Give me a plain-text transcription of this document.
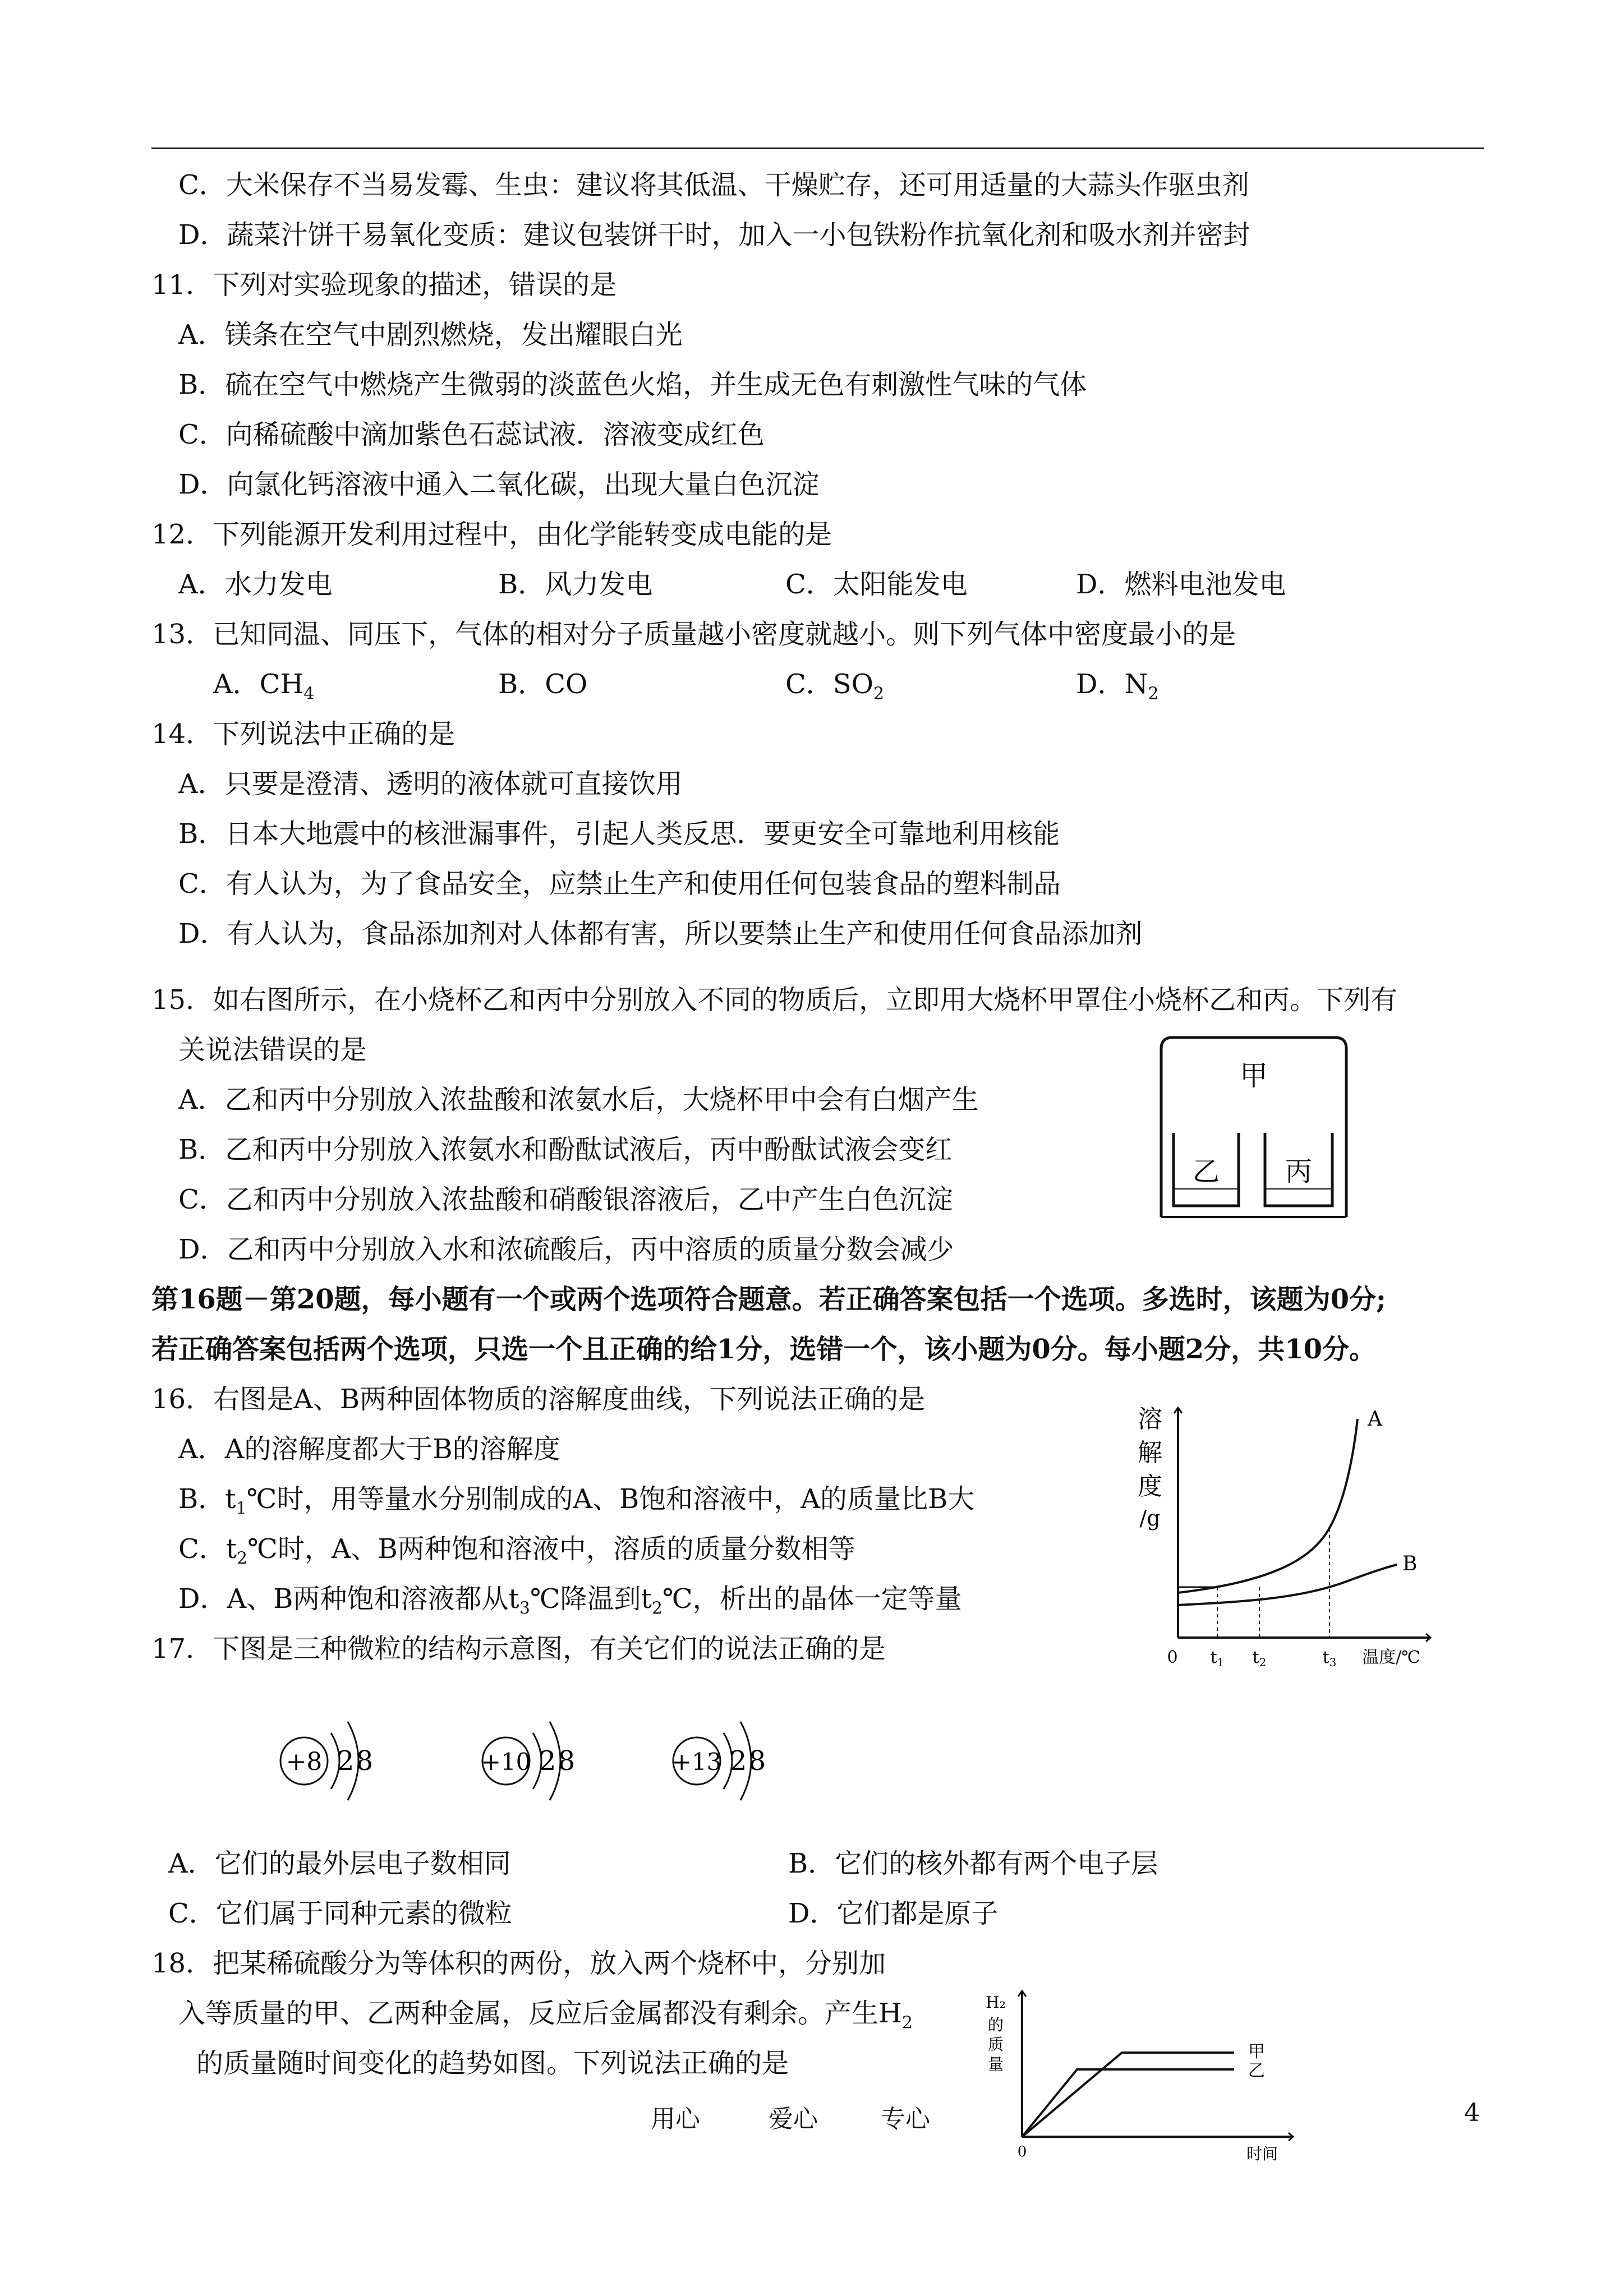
C．大米保存不当易发霉、生虫：建议将其低温、干燥贮存，还可用适量的大蒜头作驱虫剂
D．蔬菜汁饼干易氧化变质：建议包装饼干时，加入一小包铁粉作抗氧化剂和吸水剂并密封
11．下列对实验现象的描述，错误的是
A．镁条在空气中剧烈燃烧，发出耀眼白光
B．硫在空气中燃烧产生微弱的淡蓝色火焰，并生成无色有刺激性气味的气体
C．向稀硫酸中滴加紫色石蕊试液．溶液变成红色
D．向氯化钙溶液中通入二氧化碳，出现大量白色沉淀
12．下列能源开发利用过程中，由化学能转变成电能的是
A．水力发电	B．风力发电	C．太阳能发电	D．燃料电池发电
13．已知同温、同压下，气体的相对分子质量越小密度就越小。则下列气体中密度最小的是
A．$CH_4$	B．CO	C．$SO_2$	D．$N_2$
14．下列说法中正确的是
A．只要是澄清、透明的液体就可直接饮用
B．日本大地震中的核泄漏事件，引起人类反思．要更安全可靠地利用核能
C．有人认为，为了食品安全，应禁止生产和使用任何包装食品的塑料制品
D．有人认为，食品添加剂对人体都有害，所以要禁止生产和使用任何食品添加剂
15．如右图所示，在小烧杯乙和丙中分别放入不同的物质后，立即用大烧杯甲罩住小烧杯乙和丙。下列有
关说法错误的是
A．乙和丙中分别放入浓盐酸和浓氨水后，大烧杯甲中会有白烟产生
B．乙和丙中分别放入浓氨水和酚酞试液后，丙中酚酞试液会变红
C．乙和丙中分别放入浓盐酸和硝酸银溶液后，乙中产生白色沉淀
D．乙和丙中分别放入水和浓硫酸后，丙中溶质的质量分数会减少
甲
乙 丙
第16题－第20题，每小题有一个或两个选项符合题意。若正确答案包括一个选项。多选时，该题为0分;
若正确答案包括两个选项，只选一个且正确的给1分，选错一个，该小题为0分。每小题2分，共10分。
16．右图是A、B两种固体物质的溶解度曲线，下列说法正确的是
A．A的溶解度都大于B的溶解度
B．$t_1℃$时，用等量水分别制成的A、B饱和溶液中，A的质量比B大
C．$t_2℃$时，A、B两种饱和溶液中，溶质的质量分数相等
D．A、B两种饱和溶液都从$t_3℃$降温到$t_2℃$，析出的晶体一定等量
溶
解
度
/g
A
B
0 $t_1$ $t_2$	$t_3$ 温度/℃
17．下图是三种微粒的结构示意图，有关它们的说法正确的是
+8 2 8	+10 2 8	+13 2 8
A．它们的最外层电子数相同	B．它们的核外都有两个电子层
C．它们属于同种元素的微粒	D．它们都是原子
18．把某稀硫酸分为等体积的两份，放入两个烧杯中，分别加
入等质量的甲、乙两种金属，反应后金属都没有剩余。产生$H_2$
的质量随时间变化的趋势如图。下列说法正确的是
H₂
的
质
量
甲
乙
0	时间
用心	爱心	专心	4
